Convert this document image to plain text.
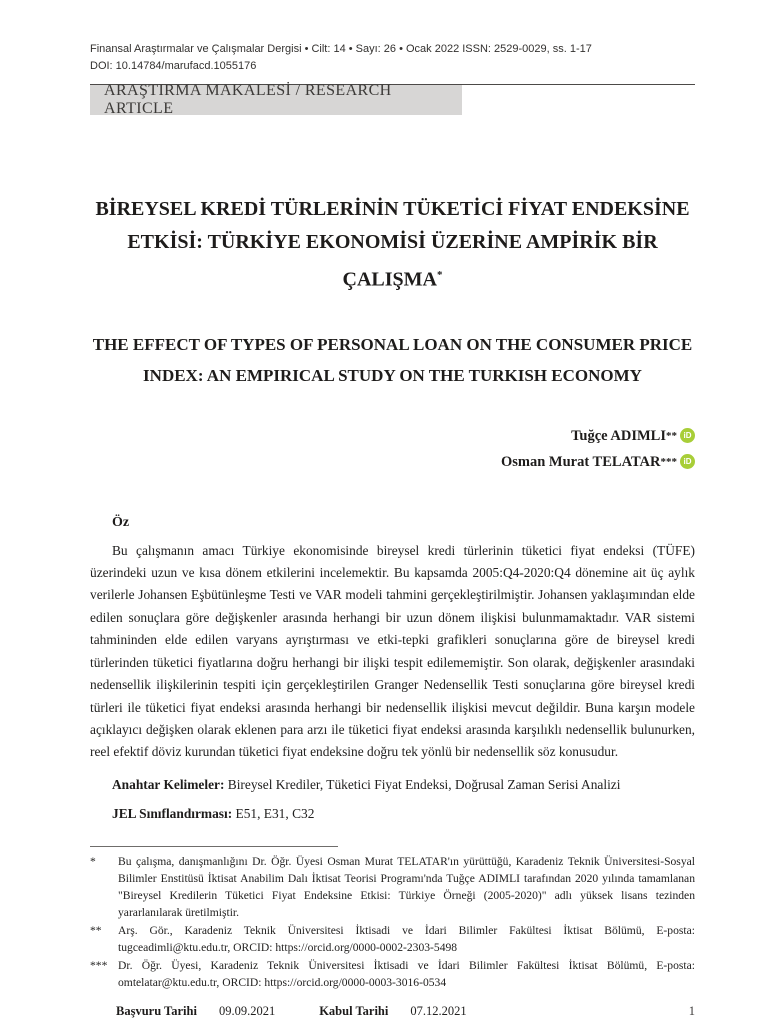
Finansal Araştırmalar ve Çalışmalar Dergisi • Cilt: 14 • Sayı: 26 • Ocak 2022 ISSN: 2529-0029, ss. 1-17
DOI: 10.14784/marufacd.1055176
ARAŞTIRMA MAKALESİ / RESEARCH ARTICLE
BİREYSEL KREDİ TÜRLERİNİN TÜKETİCİ FİYAT ENDEKSİNE ETKİSİ: TÜRKİYE EKONOMİSİ ÜZERİNE AMPİRİK BİR ÇALIŞMA*
THE EFFECT OF TYPES OF PERSONAL LOAN ON THE CONSUMER PRICE INDEX: AN EMPIRICAL STUDY ON THE TURKISH ECONOMY
Tuğçe ADIMLI ** iD
Osman Murat TELATAR *** iD
Öz

Bu çalışmanın amacı Türkiye ekonomisinde bireysel kredi türlerinin tüketici fiyat endeksi (TÜFE) üzerindeki uzun ve kısa dönem etkilerini incelemektir. Bu kapsamda 2005:Q4-2020:Q4 dönemine ait üç aylık verilerle Johansen Eşbütünleşme Testi ve VAR modeli tahmini gerçekleştirilmiştir. Johansen yaklaşımından elde edilen sonuçlara göre değişkenler arasında herhangi bir uzun dönem ilişkisi bulunmamaktadır. VAR sistemi tahmininden elde edilen varyans ayrıştırması ve etki-tepki grafikleri sonuçlarına göre de bireysel kredi türlerinden tüketici fiyatlarına doğru herhangi bir ilişki tespit edilememiştir. Son olarak, değişkenler arasındaki nedensellik ilişkilerinin tespiti için gerçekleştirilen Granger Nedensellik Testi sonuçlarına göre bireysel kredi türleri ile tüketici fiyat endeksi arasında herhangi bir nedensellik ilişkisi mevcut değildir. Buna karşın modele açıklayıcı değişken olarak eklenen para arzı ile tüketici fiyat endeksi arasında karşılıklı nedensellik bulunurken, reel efektif döviz kurundan tüketici fiyat endeksine doğru tek yönlü bir nedensellik söz konusudur.

Anahtar Kelimeler: Bireysel Krediler, Tüketici Fiyat Endeksi, Doğrusal Zaman Serisi Analizi

JEL Sınıflandırması: E51, E31, C32

*	Bu çalışma, danışmanlığını Dr. Öğr. Üyesi Osman Murat TELATAR'ın yürüttüğü, Karadeniz Teknik Üniversitesi-Sosyal Bilimler Enstitüsü İktisat Anabilim Dalı İktisat Teorisi Programı'nda Tuğçe ADIMLI tarafından 2020 yılında tamamlanan "Bireysel Kredilerin Tüketici Fiyat Endeksine Etkisi: Türkiye Örneği (2005-2020)" adlı yüksek lisans tezinden yararlanılarak üretilmiştir.
**	Arş. Gör., Karadeniz Teknik Üniversitesi İktisadi ve İdari Bilimler Fakültesi İktisat Bölümü, E-posta: tugceadimli@ktu.edu.tr, ORCID: https://orcid.org/0000-0002-2303-5498
*** Dr. Öğr. Üyesi, Karadeniz Teknik Üniversitesi İktisadi ve İdari Bilimler Fakültesi İktisat Bölümü, E-posta: omtelatar@ktu.edu.tr, ORCID: https://orcid.org/0000-0003-3016-0534
Başvuru Tarihi 09.09.2021	Kabul Tarihi 07.12.2021	1
